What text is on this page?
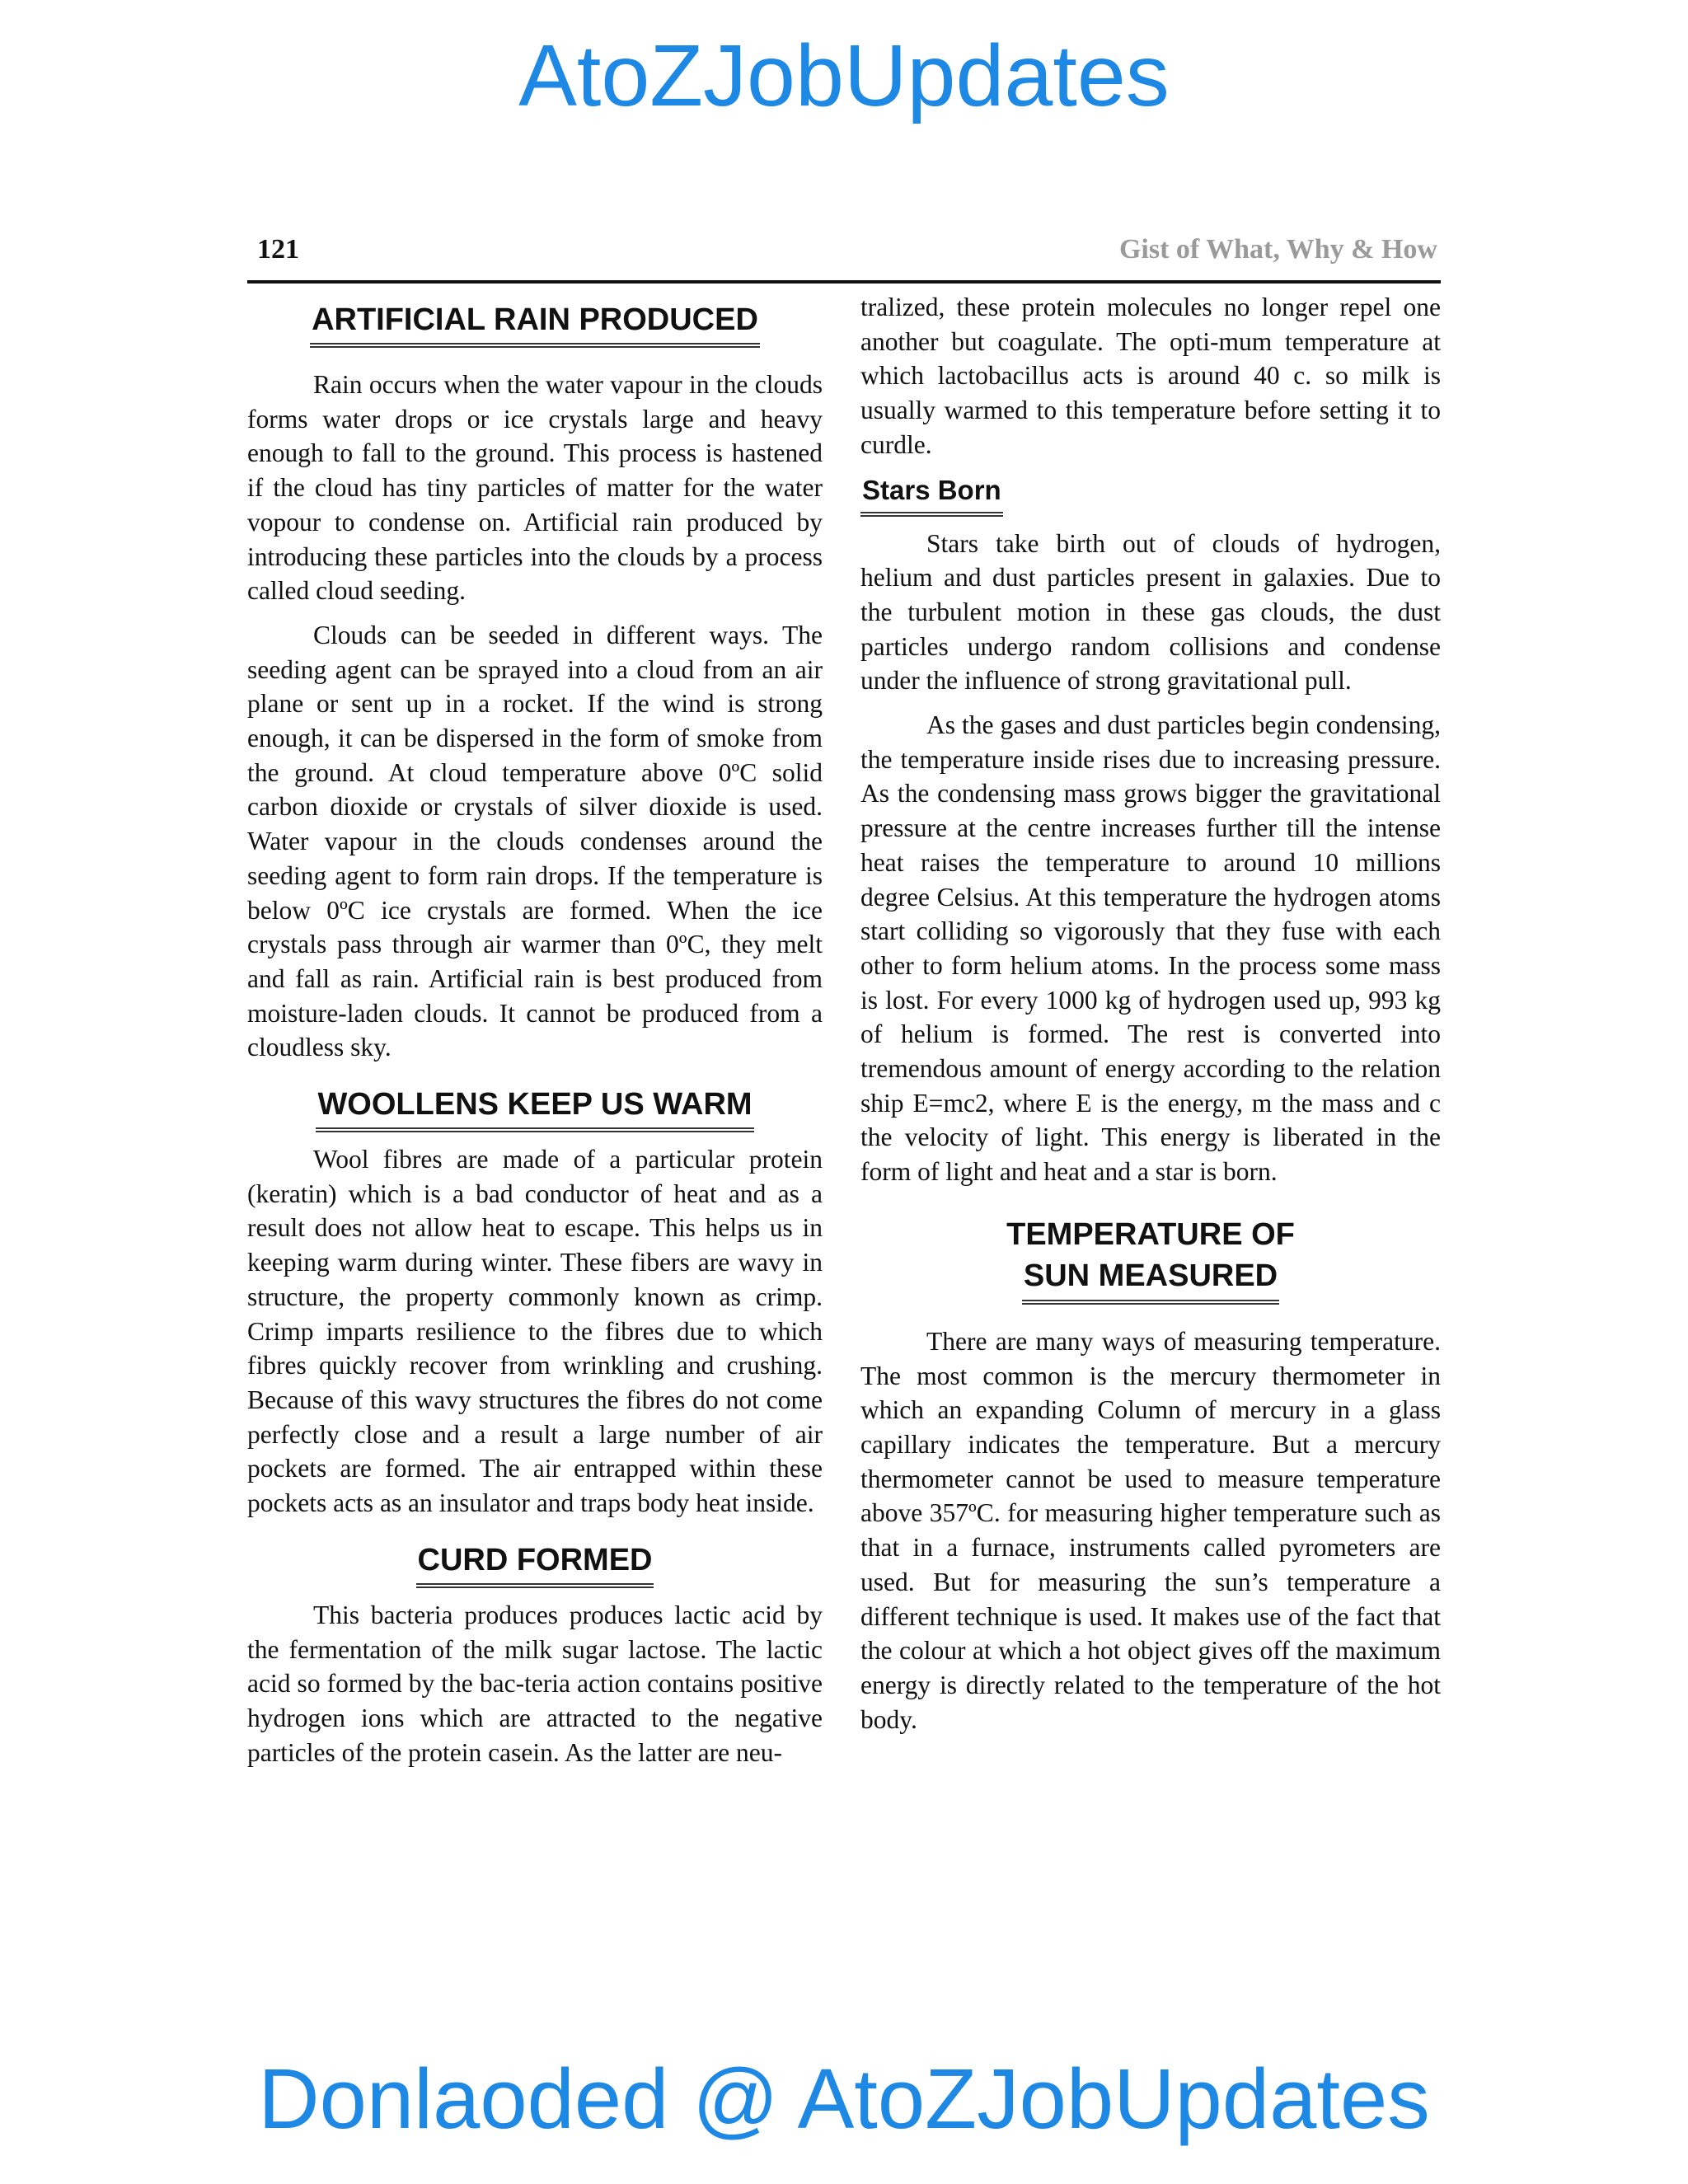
AtoZJobUpdates
121	Gist of What, Why & How
ARTIFICIAL RAIN PRODUCED

Rain occurs when the water vapour in the clouds forms water drops or ice crystals large and heavy enough to fall to the ground. This process is hastened if the cloud has tiny particles of matter for the water vopour to condense on. Artificial rain produced by introducing these particles into the clouds by a process called cloud seeding.

Clouds can be seeded in different ways. The seeding agent can be sprayed into a cloud from an air plane or sent up in a rocket. If the wind is strong enough, it can be dispersed in the form of smoke from the ground. At cloud temperature above 0ºC solid carbon dioxide or crystals of silver dioxide is used. Water vapour in the clouds condenses around the seeding agent to form rain drops. If the temperature is below 0ºC ice crystals are formed. When the ice crystals pass through air warmer than 0ºC, they melt and fall as rain. Artificial rain is best produced from moisture-laden clouds. It cannot be produced from a cloudless sky.

WOOLLENS KEEP US WARM

Wool fibres are made of a particular protein (keratin) which is a bad conductor of heat and as a result does not allow heat to escape. This helps us in keeping warm during winter. These fibers are wavy in structure, the property commonly known as crimp. Crimp imparts resilience to the fibres due to which fibres quickly recover from wrinkling and crushing. Because of this wavy structures the fibres do not come perfectly close and a result a large number of air pockets are formed. The air entrapped within these pockets acts as an insulator and traps body heat inside.

CURD FORMED

This bacteria produces produces lactic acid by the fermentation of the milk sugar lactose. The lactic acid so formed by the bac-teria action contains positive hydrogen ions which are attracted to the negative particles of the protein casein. As the latter are neu-

tralized, these protein molecules no longer repel one another but coagulate. The opti-mum temperature at which lactobacillus acts is around 40 c. so milk is usually warmed to this temperature before setting it to curdle.

Stars Born

Stars take birth out of clouds of hydrogen, helium and dust particles present in galaxies. Due to the turbulent motion in these gas clouds, the dust particles undergo random collisions and condense under the influence of strong gravitational pull.

As the gases and dust particles begin condensing, the temperature inside rises due to increasing pressure. As the condensing mass grows bigger the gravitational pressure at the centre increases further till the intense heat raises the temperature to around 10 millions degree Celsius. At this temperature the hydrogen atoms start colliding so vigorously that they fuse with each other to form helium atoms. In the process some mass is lost. For every 1000 kg of hydrogen used up, 993 kg of helium is formed. The rest is converted into tremendous amount of energy according to the relation ship E=mc2, where E is the energy, m the mass and c the velocity of light. This energy is liberated in the form of light and heat and a star is born.

TEMPERATURE OF
SUN MEASURED

There are many ways of measuring temperature. The most common is the mercury thermometer in which an expanding Column of mercury in a glass capillary indicates the temperature. But a mercury thermometer cannot be used to measure temperature above 357ºC. for measuring higher temperature such as that in a furnace, instruments called pyrometers are used. But for measuring the sun’s temperature a different technique is used. It makes use of the fact that the colour at which a hot object gives off the maximum energy is directly related to the temperature of the hot body.

Donlaoded @ AtoZJobUpdates
